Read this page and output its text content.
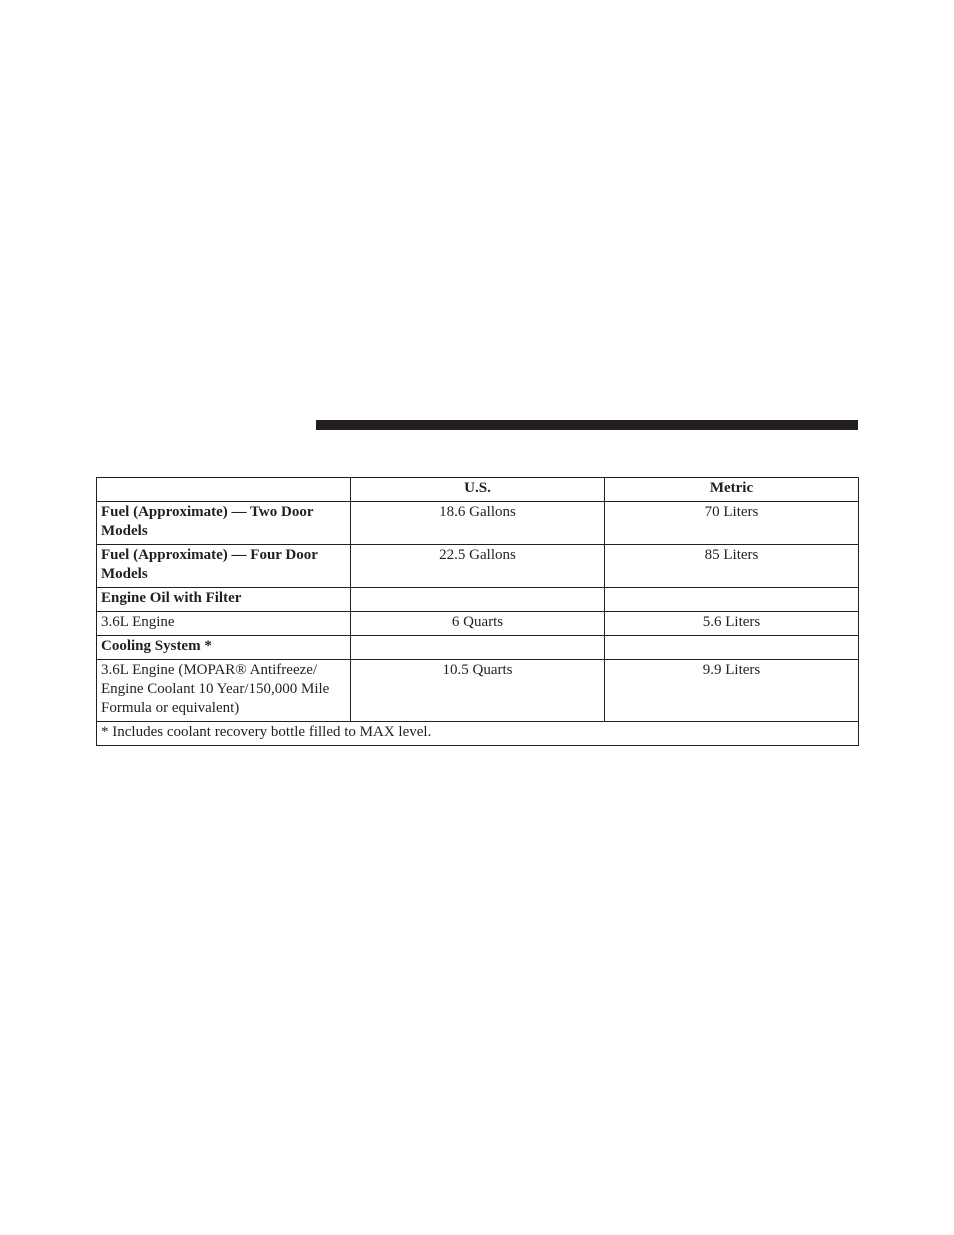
	U.S.	Metric
Fuel (Approximate) — Two Door Models	18.6 Gallons	70 Liters
Fuel (Approximate) — Four Door Models	22.5 Gallons	85 Liters
Engine Oil with Filter		
3.6L Engine	6 Quarts	5.6 Liters
Cooling System *		
3.6L Engine (MOPAR® Antifreeze/ Engine Coolant 10 Year/150,000 Mile Formula or equivalent)	10.5 Quarts	9.9 Liters
* Includes coolant recovery bottle filled to MAX level.		
